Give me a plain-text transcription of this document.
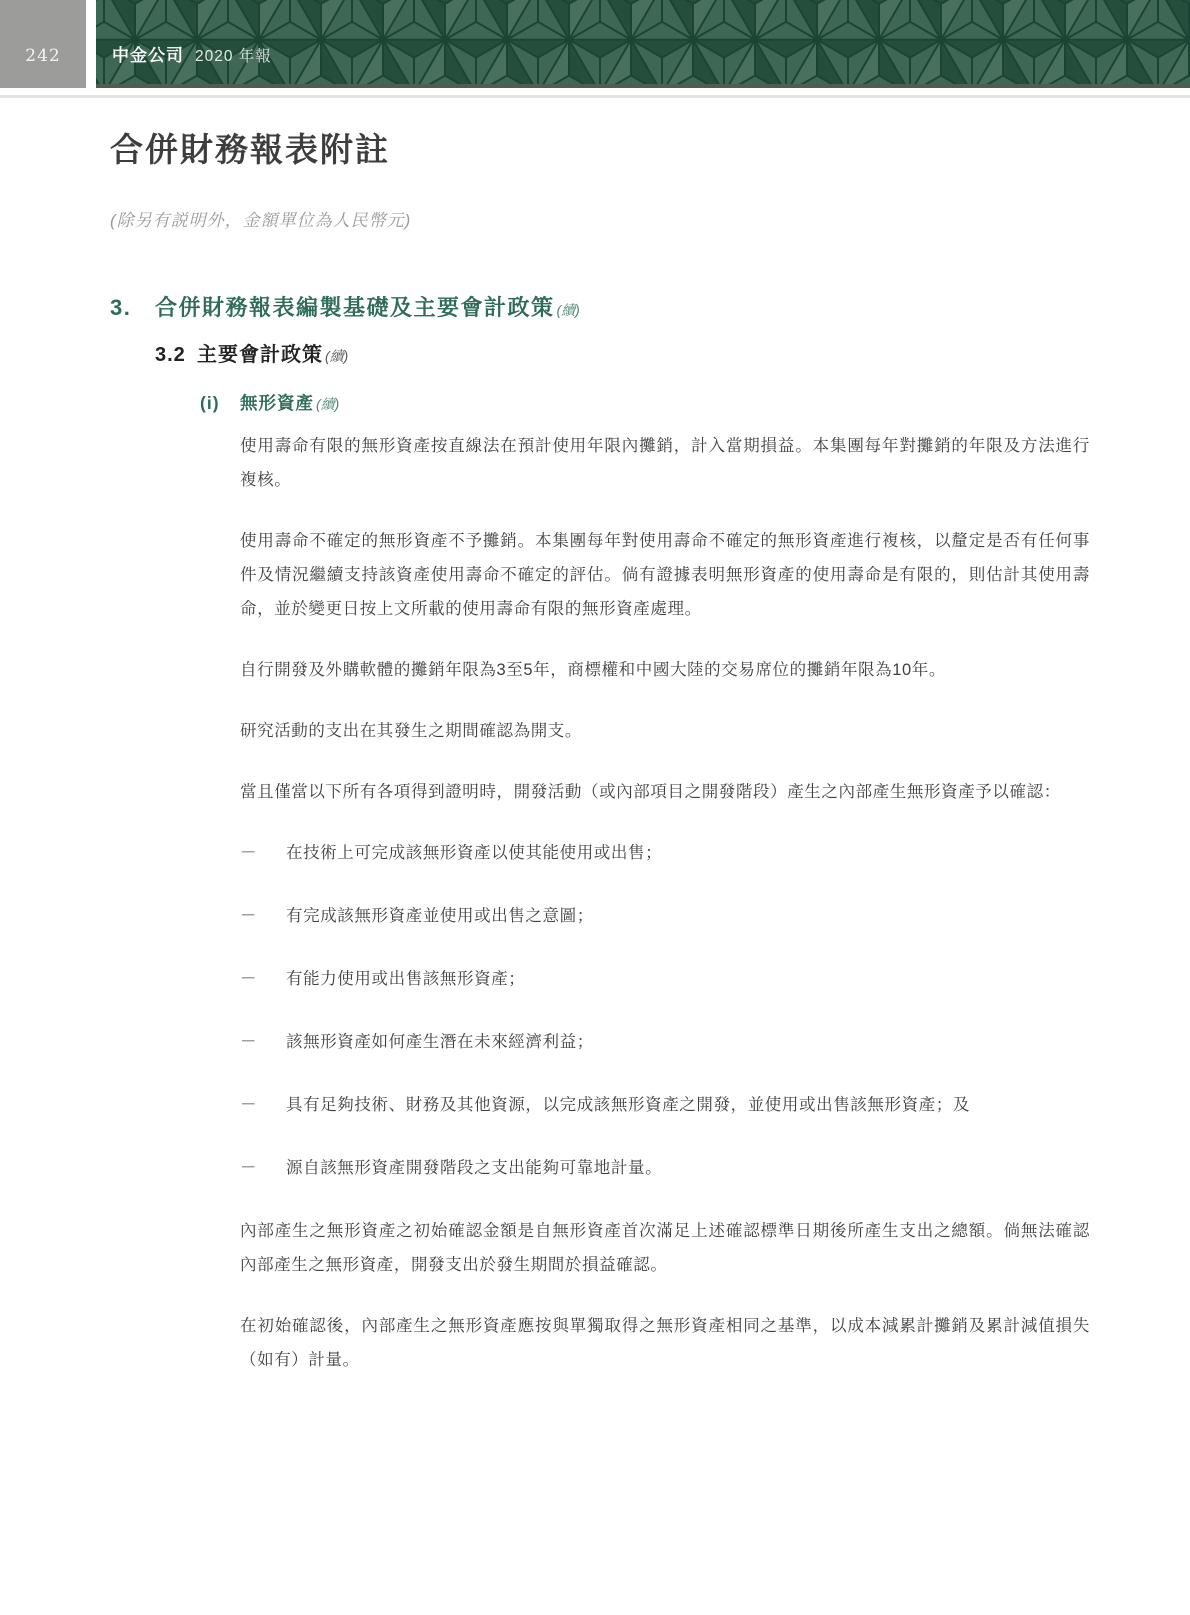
242	中金公司 2020 年報
合併財務報表附註
(除另有説明外，金額單位為人民幣元)
3.	合併財務報表編製基礎及主要會計政策 (續)
3.2 主要會計政策 (續)
(i)	無形資產 (續)

使用壽命有限的無形資產按直線法在預計使用年限內攤銷，計入當期損益。本集團每年對攤銷的年限及方法進行複核。

使用壽命不確定的無形資產不予攤銷。本集團每年對使用壽命不確定的無形資產進行複核，以釐定是否有任何事件及情況繼續支持該資產使用壽命不確定的評估。倘有證據表明無形資產的使用壽命是有限的，則估計其使用壽命，並於變更日按上文所載的使用壽命有限的無形資產處理。

自行開發及外購軟體的攤銷年限為3至5年，商標權和中國大陸的交易席位的攤銷年限為10年。

研究活動的支出在其發生之期間確認為開支。

當且僅當以下所有各項得到證明時，開發活動（或內部項目之開發階段）產生之內部產生無形資產予以確認：

－	在技術上可完成該無形資產以使其能使用或出售；
－	有完成該無形資產並使用或出售之意圖；
－	有能力使用或出售該無形資產；
－	該無形資產如何產生潛在未來經濟利益；
－	具有足夠技術、財務及其他資源，以完成該無形資產之開發，並使用或出售該無形資產；及
－	源自該無形資產開發階段之支出能夠可靠地計量。

內部產生之無形資產之初始確認金額是自無形資產首次滿足上述確認標準日期後所產生支出之總額。倘無法確認內部產生之無形資產，開發支出於發生期間於損益確認。

在初始確認後，內部產生之無形資產應按與單獨取得之無形資產相同之基準，以成本減累計攤銷及累計減值損失（如有）計量。
